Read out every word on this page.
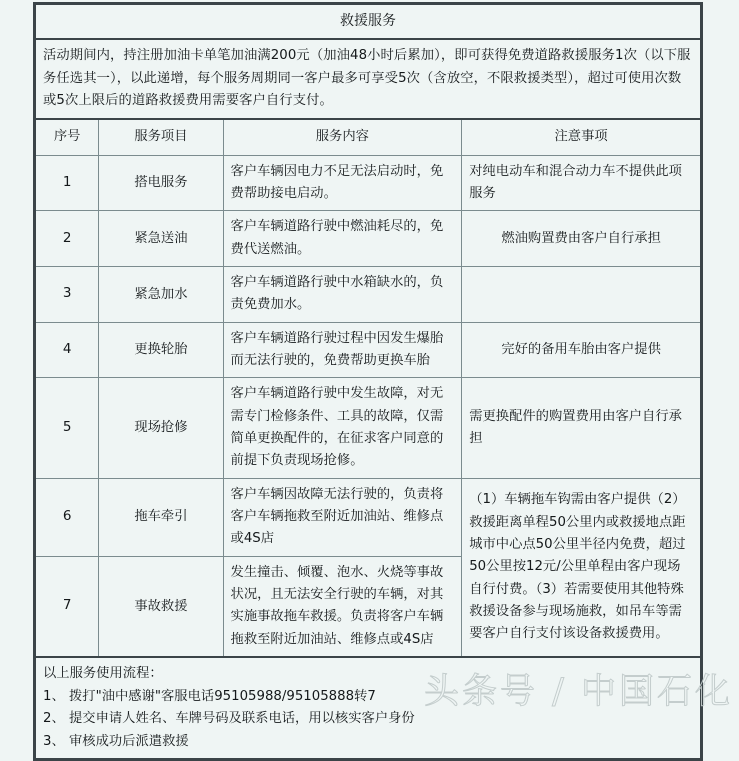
救援服务			

活动期间内，持注册加油卡单笔加油满200元（加油48小时后累加），即可获得免费道路救援服务1次（以下服务任选其一），以此递增，每个服务周期同一客户最多可享受5次（含放空，不限救援类型），超过可使用次数或5次上限后的道路救援费用需要客户自行支付。			

序号	服务项目	服务内容	注意事项
1	搭电服务	客户车辆因电力不足无法启动时，免费帮助接电启动。	对纯电动车和混合动力车不提供此项服务
2	紧急送油	客户车辆道路行驶中燃油耗尽的，免费代送燃油。	燃油购置费由客户自行承担
3	紧急加水	客户车辆道路行驶中水箱缺水的，负责免费加水。	
4	更换轮胎	客户车辆道路行驶过程中因发生爆胎而无法行驶的，免费帮助更换车胎	完好的备用车胎由客户提供
5	现场抢修	客户车辆道路行驶中发生故障，对无需专门检修条件、工具的故障，仅需简单更换配件的，在征求客户同意的前提下负责现场抢修。	需更换配件的购置费用由客户自行承担
6	拖车牵引	客户车辆因故障无法行驶的，负责将客户车辆拖救至附近加油站、维修点或4S店	（1）车辆拖车钩需由客户提供（2）救援距离单程50公里内或救援地点距城市中心点50公里半径内免费，超过50公里按12元/公里单程由客户现场自行付费。（3）若需要使用其他特殊救援设备参与现场施救，如吊车等需要客户自行支付该设备救援费用。
7	事故救援	发生撞击、倾覆、泡水、火烧等事故状况，且无法安全行驶的车辆，对其实施事故拖车救援。负责将客户车辆拖救至附近加油站、维修点或4S店	

以上服务使用流程：

1、 拨打"油中感谢"客服电话95105988/95105888转7

2、 提交申请人姓名、车牌号码及联系电话，用以核实客户身份

3、 审核成功后派遣救援			
